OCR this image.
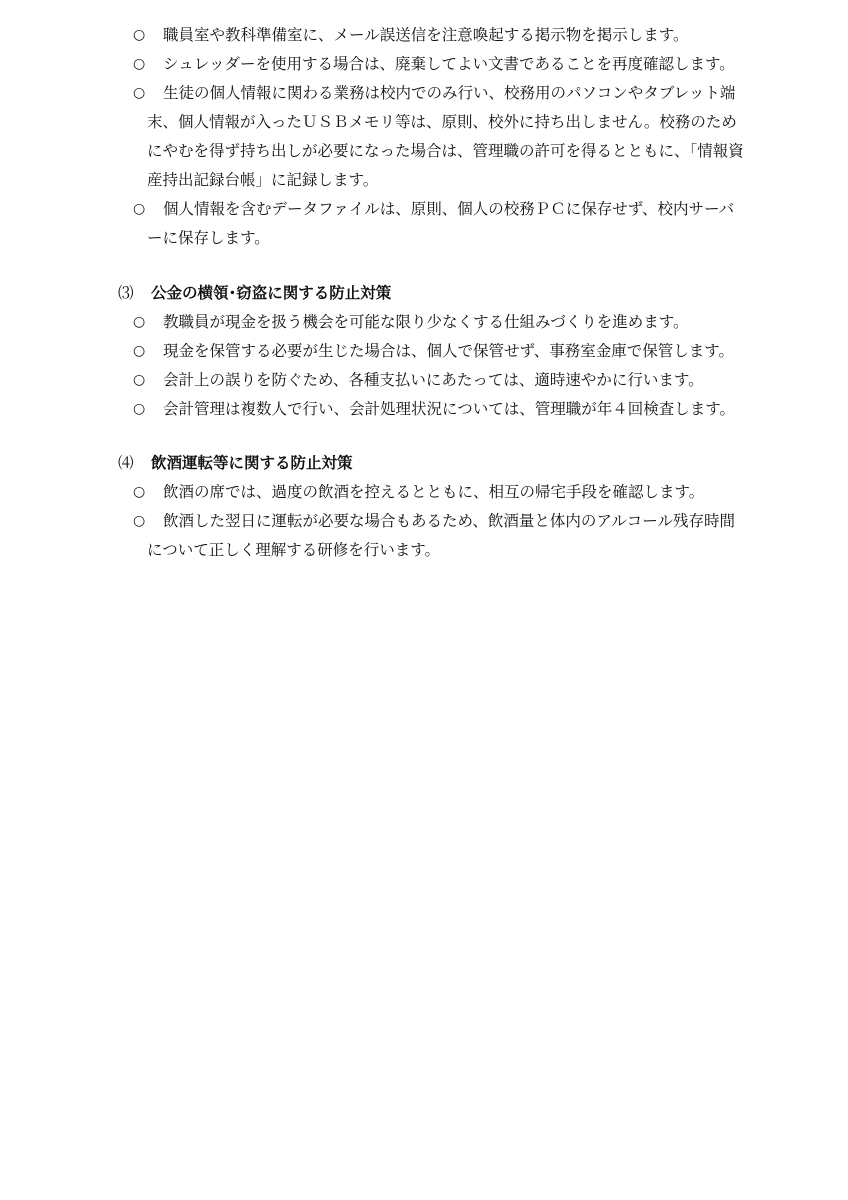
○	職員室や教科準備室に、メール誤送信を注意喚起する掲示物を掲示します。
○	シュレッダーを使用する場合は、廃棄してよい文書であることを再度確認します。
○	生徒の個人情報に関わる業務は校内でのみ行い、校務用のパソコンやタブレット端末、個人情報が入ったＵＳＢメモリ等は、原則、校外に持ち出しません。校務のためにやむを得ず持ち出しが必要になった場合は、管理職の許可を得るとともに、「情報資産持出記録台帳」に記録します。
○	個人情報を含むデータファイルは、原則、個人の校務ＰＣに保存せず、校内サーバーに保存します。
⑶ 公金の横領･窃盗に関する防止対策
○	教職員が現金を扱う機会を可能な限り少なくする仕組みづくりを進めます。
○	現金を保管する必要が生じた場合は、個人で保管せず、事務室金庫で保管します。
○	会計上の誤りを防ぐため、各種支払いにあたっては、適時速やかに行います。
○	会計管理は複数人で行い、会計処理状況については、管理職が年４回検査します。
⑷ 飲酒運転等に関する防止対策
○	飲酒の席では、過度の飲酒を控えるとともに、相互の帰宅手段を確認します。
○	飲酒した翌日に運転が必要な場合もあるため、飲酒量と体内のアルコール残存時間について正しく理解する研修を行います。
